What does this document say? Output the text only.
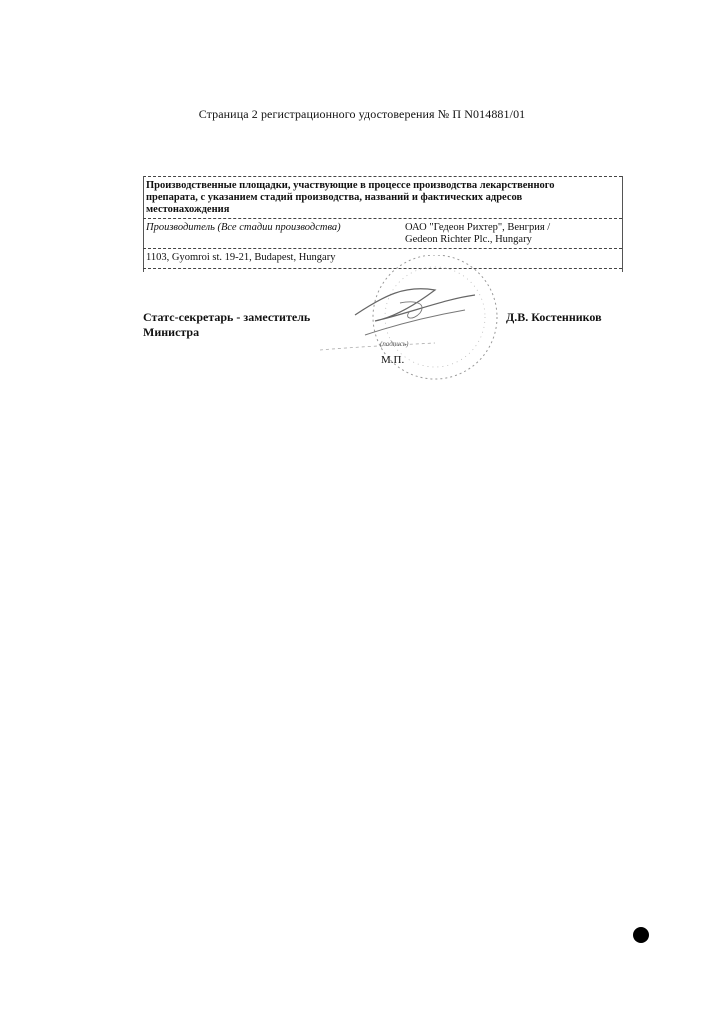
Страница 2 регистрационного удостоверения № П N014881/01
Производственные площадки, участвующие в процессе производства лекарственного препарата, с указанием стадий производства, названий и фактических адресов местонахождения
Производитель (Все стадии производства)	ОАО "Гедеон Рихтер", Венгрия /
Gedeon Richter Plc., Hungary
1103, Gyomroi st. 19-21, Budapest, Hungary
Статс-секретарь - заместитель
Министра
(подпись)
М.П.
Д.В. Костенников
